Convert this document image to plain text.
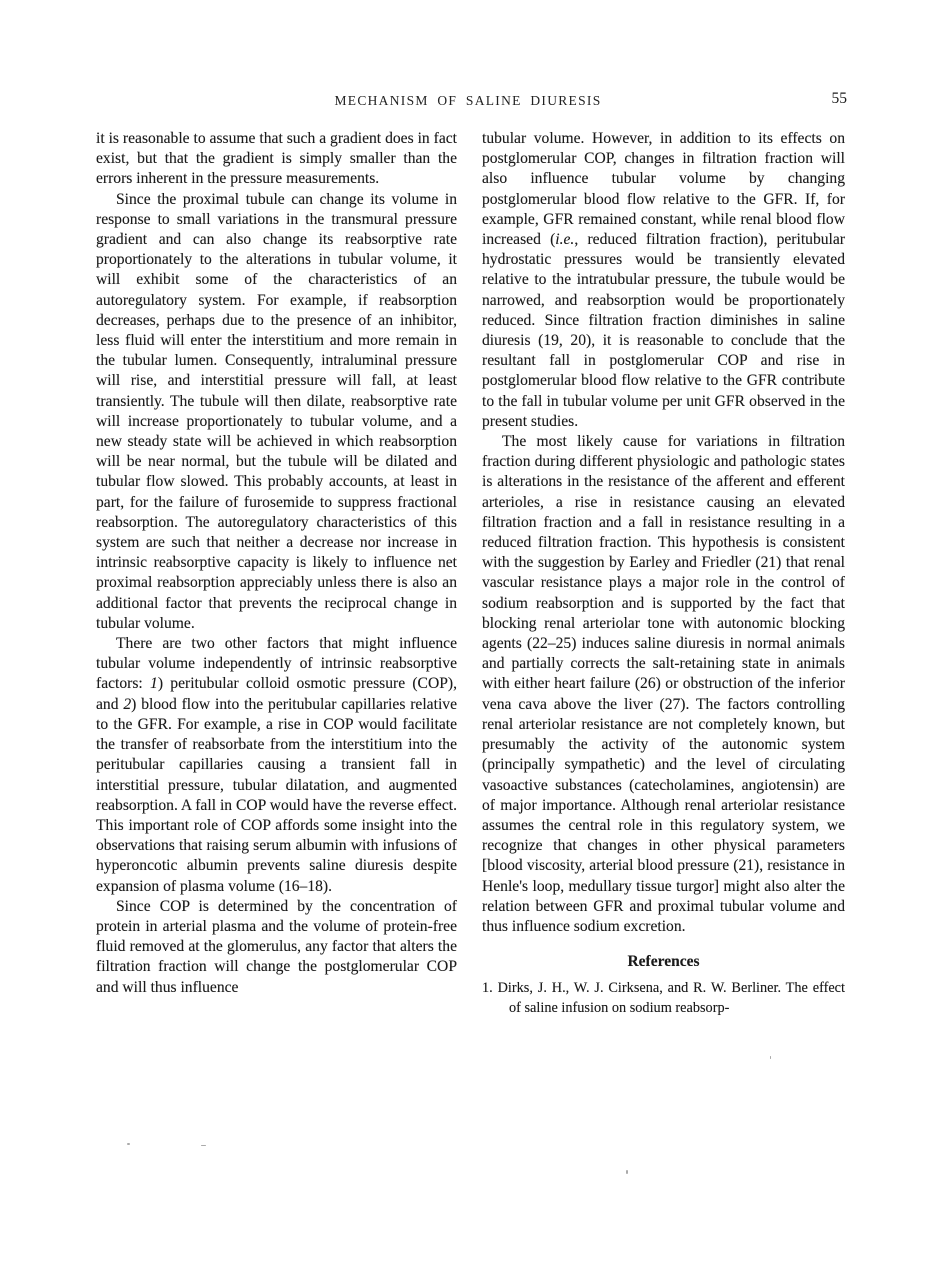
MECHANISM OF SALINE DIURESIS	55

it is reasonable to assume that such a gradient does in fact exist, but that the gradient is simply smaller than the errors inherent in the pressure measurements.

Since the proximal tubule can change its volume in response to small variations in the transmural pressure gradient and can also change its reabsorptive rate proportionately to the alterations in tubular volume, it will exhibit some of the characteristics of an autoregulatory system. For example, if reabsorption decreases, perhaps due to the presence of an inhibitor, less fluid will enter the interstitium and more remain in the tubular lumen. Consequently, intraluminal pressure will rise, and interstitial pressure will fall, at least transiently. The tubule will then dilate, reabsorptive rate will increase proportionately to tubular volume, and a new steady state will be achieved in which reabsorption will be near normal, but the tubule will be dilated and tubular flow slowed. This probably accounts, at least in part, for the failure of furosemide to suppress fractional reabsorption. The autoregulatory characteristics of this system are such that neither a decrease nor increase in intrinsic reabsorptive capacity is likely to influence net proximal reabsorption appreciably unless there is also an additional factor that prevents the reciprocal change in tubular volume.

There are two other factors that might influence tubular volume independently of intrinsic reabsorptive factors: 1) peritubular colloid osmotic pressure (COP), and 2) blood flow into the peritubular capillaries relative to the GFR. For example, a rise in COP would facilitate the transfer of reabsorbate from the interstitium into the peritubular capillaries causing a transient fall in interstitial pressure, tubular dilatation, and augmented reabsorption. A fall in COP would have the reverse effect. This important role of COP affords some insight into the observations that raising serum albumin with infusions of hyperoncotic albumin prevents saline diuresis despite expansion of plasma volume (16–18).

Since COP is determined by the concentration of protein in arterial plasma and the volume of protein-free fluid removed at the glomerulus, any factor that alters the filtration fraction will change the postglomerular COP and will thus influence

tubular volume. However, in addition to its effects on postglomerular COP, changes in filtration fraction will also influence tubular volume by changing postglomerular blood flow relative to the GFR. If, for example, GFR remained constant, while renal blood flow increased (i.e., reduced filtration fraction), peritubular hydrostatic pressures would be transiently elevated relative to the intratubular pressure, the tubule would be narrowed, and reabsorption would be proportionately reduced. Since filtration fraction diminishes in saline diuresis (19, 20), it is reasonable to conclude that the resultant fall in postglomerular COP and rise in postglomerular blood flow relative to the GFR contribute to the fall in tubular volume per unit GFR observed in the present studies.

The most likely cause for variations in filtration fraction during different physiologic and pathologic states is alterations in the resistance of the afferent and efferent arterioles, a rise in resistance causing an elevated filtration fraction and a fall in resistance resulting in a reduced filtration fraction. This hypothesis is consistent with the suggestion by Earley and Friedler (21) that renal vascular resistance plays a major role in the control of sodium reabsorption and is supported by the fact that blocking renal arteriolar tone with autonomic blocking agents (22–25) induces saline diuresis in normal animals and partially corrects the salt-retaining state in animals with either heart failure (26) or obstruction of the inferior vena cava above the liver (27). The factors controlling renal arteriolar resistance are not completely known, but presumably the activity of the autonomic system (principally sympathetic) and the level of circulating vasoactive substances (catecholamines, angiotensin) are of major importance. Although renal arteriolar resistance assumes the central role in this regulatory system, we recognize that changes in other physical parameters [blood viscosity, arterial blood pressure (21), resistance in Henle's loop, medullary tissue turgor] might also alter the relation between GFR and proximal tubular volume and thus influence sodium excretion.

References

1. Dirks, J. H., W. J. Cirksena, and R. W. Berliner. The effect of saline infusion on sodium reabsorp-
